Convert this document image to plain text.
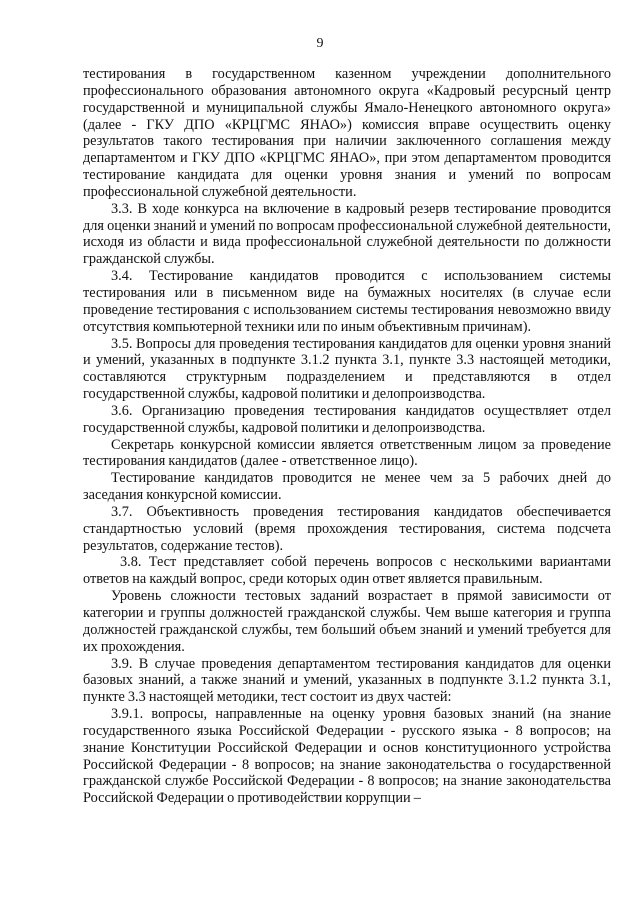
9

тестирования в государственном казенном учреждении дополнительного профессионального образования автономного округа «Кадровый ресурсный центр государственной и муниципальной службы Ямало-Ненецкого автономного округа» (далее - ГКУ ДПО «КРЦГМС ЯНАО») комиссия вправе осуществить оценку результатов такого тестирования при наличии заключенного соглашения между департаментом и ГКУ ДПО «КРЦГМС ЯНАО», при этом департаментом проводится тестирование кандидата для оценки уровня знания и умений по вопросам профессиональной служебной деятельности.

3.3. В ходе конкурса на включение в кадровый резерв тестирование проводится для оценки знаний и умений по вопросам профессиональной служебной деятельности, исходя из области и вида профессиональной служебной деятельности по должности гражданской службы.

3.4. Тестирование кандидатов проводится с использованием системы тестирования или в письменном виде на бумажных носителях (в случае если проведение тестирования с использованием системы тестирования невозможно ввиду отсутствия компьютерной техники или по иным объективным причинам).

3.5. Вопросы для проведения тестирования кандидатов для оценки уровня знаний и умений, указанных в подпункте 3.1.2 пункта 3.1, пункте 3.3 настоящей методики, составляются структурным подразделением и представляются в отдел государственной службы, кадровой политики и делопроизводства.

3.6. Организацию проведения тестирования кандидатов осуществляет отдел государственной службы, кадровой политики и делопроизводства.

Секретарь конкурсной комиссии является ответственным лицом за проведение тестирования кандидатов (далее - ответственное лицо).

Тестирование кандидатов проводится не менее чем за 5 рабочих дней до заседания конкурсной комиссии.

3.7. Объективность проведения тестирования кандидатов обеспечивается стандартностью условий (время прохождения тестирования, система подсчета результатов, содержание тестов).

3.8. Тест представляет собой перечень вопросов с несколькими вариантами ответов на каждый вопрос, среди которых один ответ является правильным.

Уровень сложности тестовых заданий возрастает в прямой зависимости от категории и группы должностей гражданской службы. Чем выше категория и группа должностей гражданской службы, тем больший объем знаний и умений требуется для их прохождения.

3.9. В случае проведения департаментом тестирования кандидатов для оценки базовых знаний, а также знаний и умений, указанных в подпункте 3.1.2 пункта 3.1, пункте 3.3 настоящей методики, тест состоит из двух частей:

3.9.1. вопросы, направленные на оценку уровня базовых знаний (на знание государственного языка Российской Федерации - русского языка - 8 вопросов; на знание Конституции Российской Федерации и основ конституционного устройства Российской Федерации - 8 вопросов; на знание законодательства о государственной гражданской службе Российской Федерации - 8 вопросов; на знание законодательства Российской Федерации о противодействии коррупции –
